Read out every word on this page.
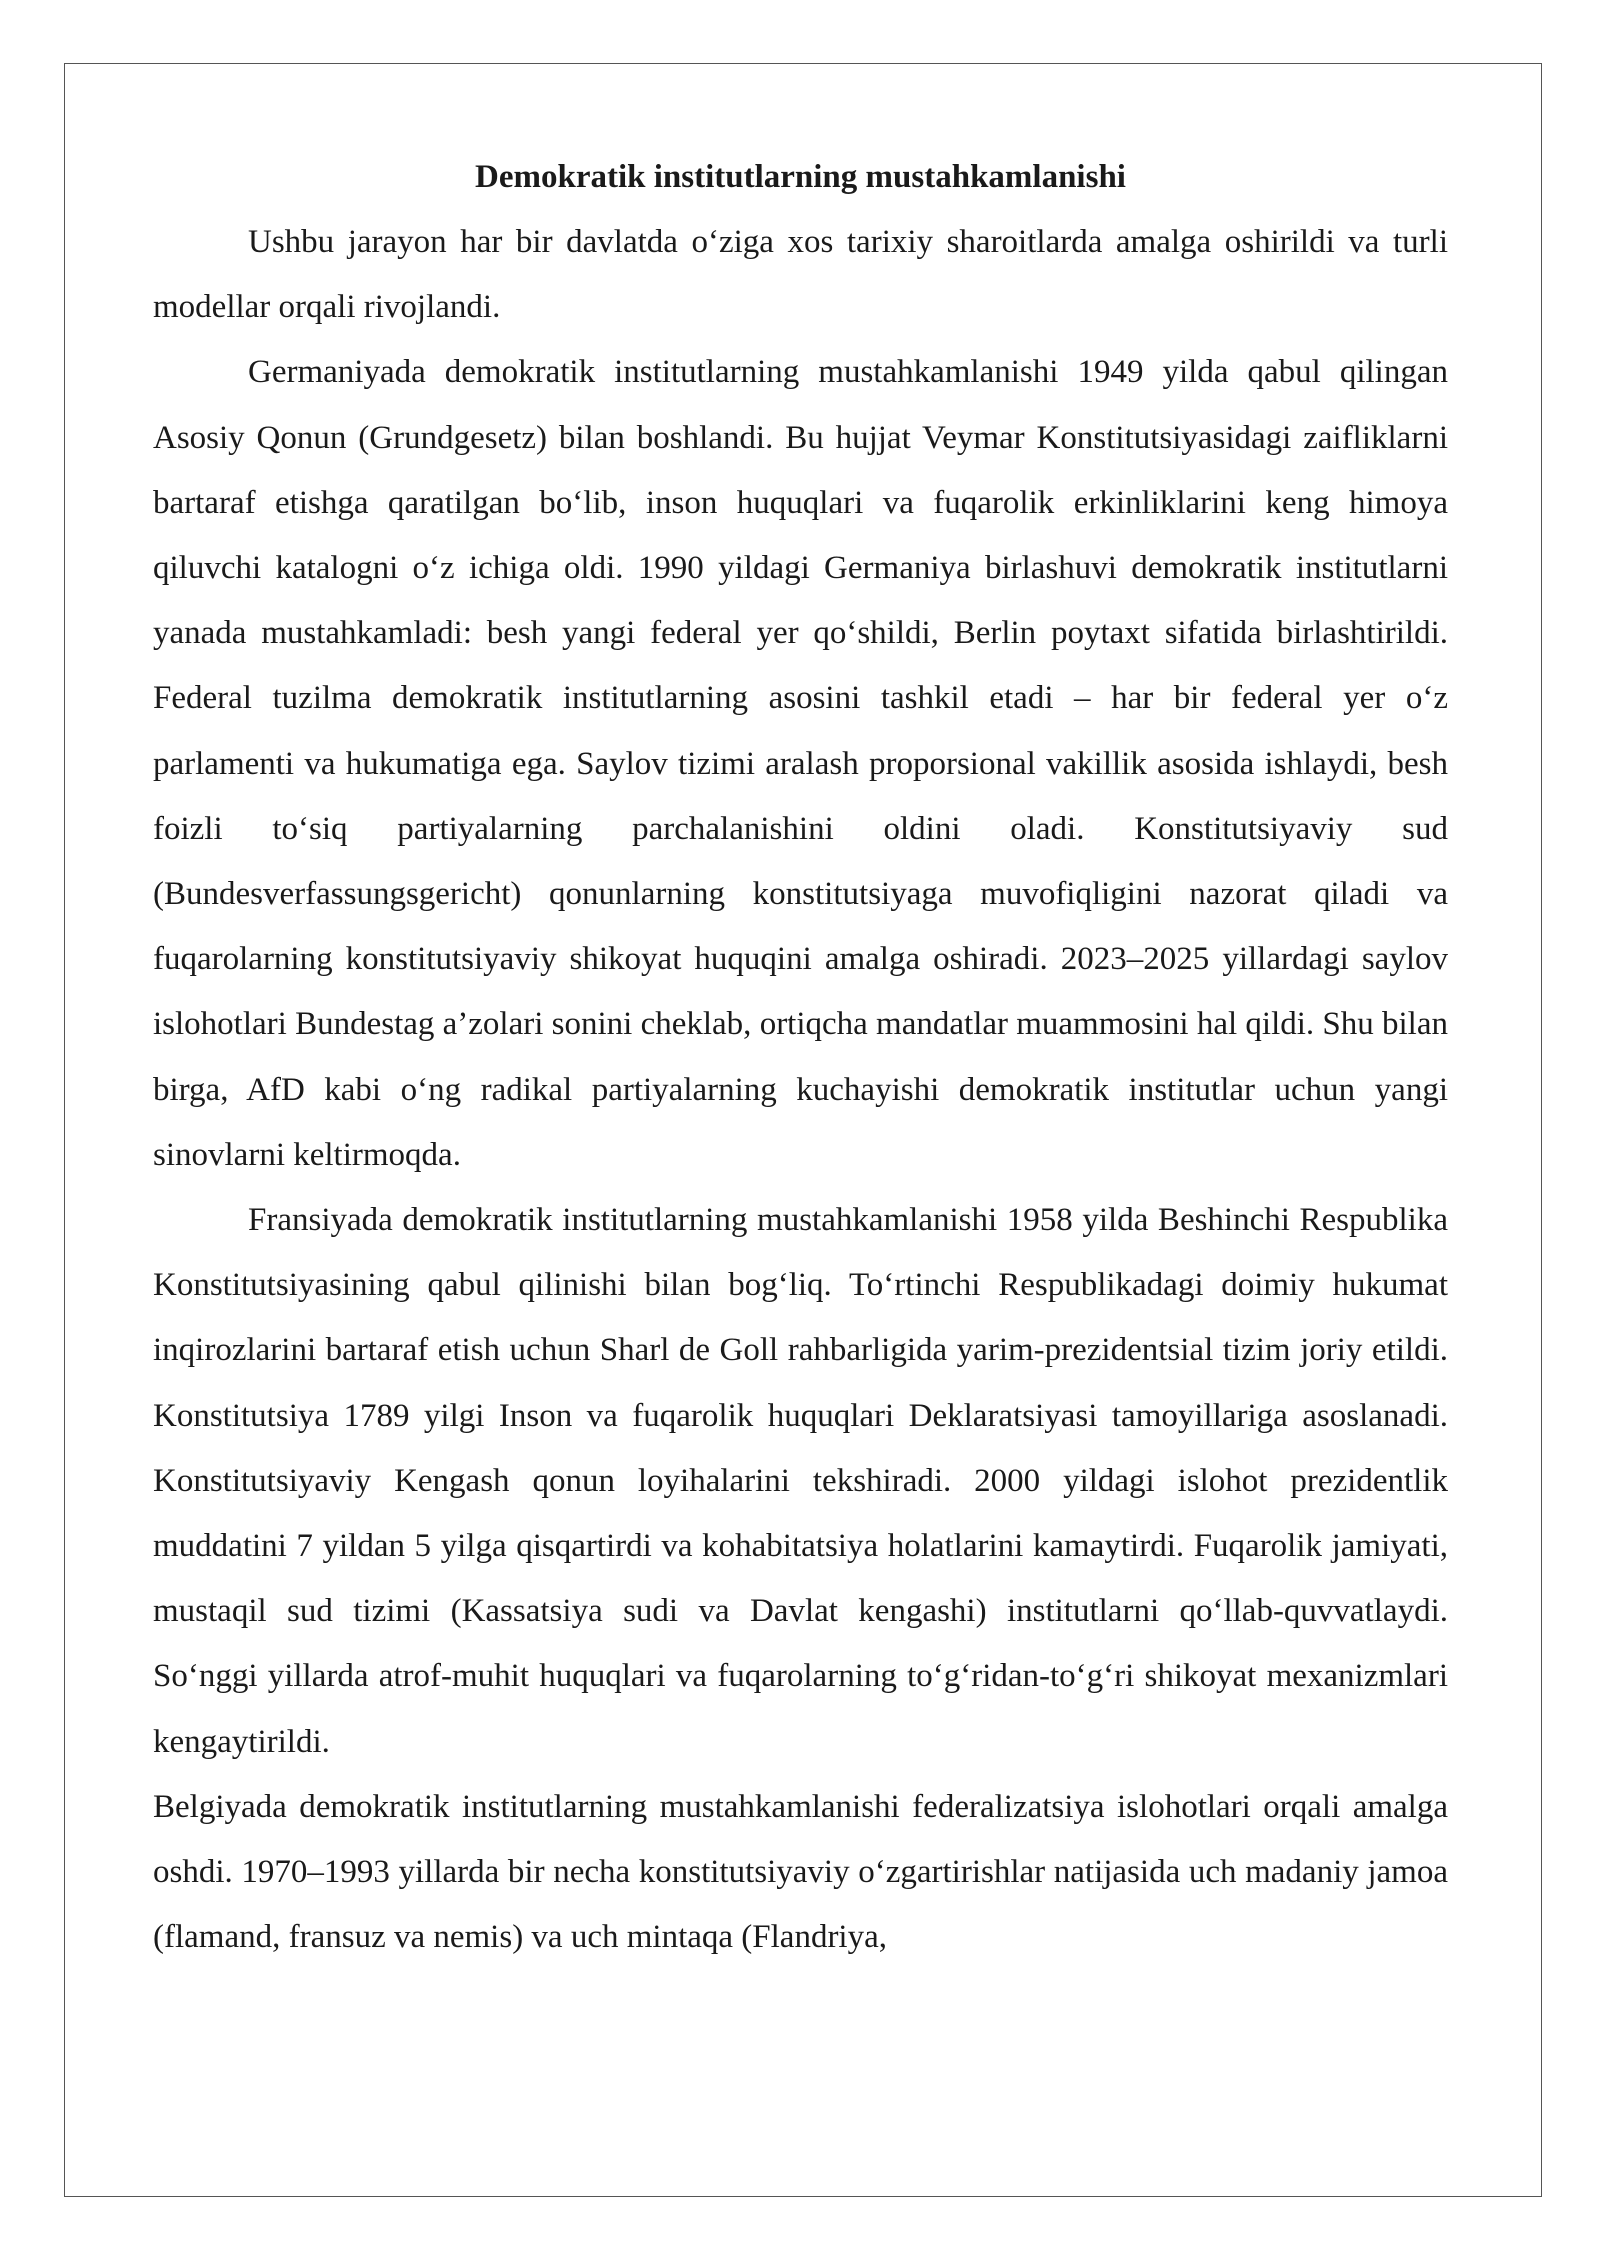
Demokratik institutlarning mustahkamlanishi

Ushbu jarayon har bir davlatda o‘ziga xos tarixiy sharoitlarda amalga oshirildi va turli modellar orqali rivojlandi.

Germaniyada demokratik institutlarning mustahkamlanishi 1949 yilda qabul qilingan Asosiy Qonun (Grundgesetz) bilan boshlandi. Bu hujjat Veymar Konstitutsiyasidagi zaifliklarni bartaraf etishga qaratilgan bo‘lib, inson huquqlari va fuqarolik erkinliklarini keng himoya qiluvchi katalogni o‘z ichiga oldi. 1990 yildagi Germaniya birlashuvi demokratik institutlarni yanada mustahkamladi: besh yangi federal yer qo‘shildi, Berlin poytaxt sifatida birlashtirildi. Federal tuzilma demokratik institutlarning asosini tashkil etadi – har bir federal yer o‘z parlamenti va hukumatiga ega. Saylov tizimi aralash proporsional vakillik asosida ishlaydi, besh foizli to‘siq partiyalarning parchalanishini oldini oladi. Konstitutsiyaviy sud (Bundesverfassungsgericht) qonunlarning konstitutsiyaga muvofiqligini nazorat qiladi va fuqarolarning konstitutsiyaviy shikoyat huquqini amalga oshiradi. 2023–2025 yillardagi saylov islohotlari Bundestag a’zolari sonini cheklab, ortiqcha mandatlar muammosini hal qildi. Shu bilan birga, AfD kabi o‘ng radikal partiyalarning kuchayishi demokratik institutlar uchun yangi sinovlarni keltirmoqda.

Fransiyada demokratik institutlarning mustahkamlanishi 1958 yilda Beshinchi Respublika Konstitutsiyasining qabul qilinishi bilan bog‘liq. To‘rtinchi Respublikadagi doimiy hukumat inqirozlarini bartaraf etish uchun Sharl de Goll rahbarligida yarim-prezidentsial tizim joriy etildi. Konstitutsiya 1789 yilgi Inson va fuqarolik huquqlari Deklaratsiyasi tamoyillariga asoslanadi. Konstitutsiyaviy Kengash qonun loyihalarini tekshiradi. 2000 yildagi islohot prezidentlik muddatini 7 yildan 5 yilga qisqartirdi va kohabitatsiya holatlarini kamaytirdi. Fuqarolik jamiyati, mustaqil sud tizimi (Kassatsiya sudi va Davlat kengashi) institutlarni qo‘llab-quvvatlaydi. So‘nggi yillarda atrof-muhit huquqlari va fuqarolarning to‘g‘ridan-to‘g‘ri shikoyat mexanizmlari kengaytirildi.

Belgiyada demokratik institutlarning mustahkamlanishi federalizatsiya islohotlari orqali amalga oshdi. 1970–1993 yillarda bir necha konstitutsiyaviy o‘zgartirishlar natijasida uch madaniy jamoa (flamand, fransuz va nemis) va uch mintaqa (Flandriya,
